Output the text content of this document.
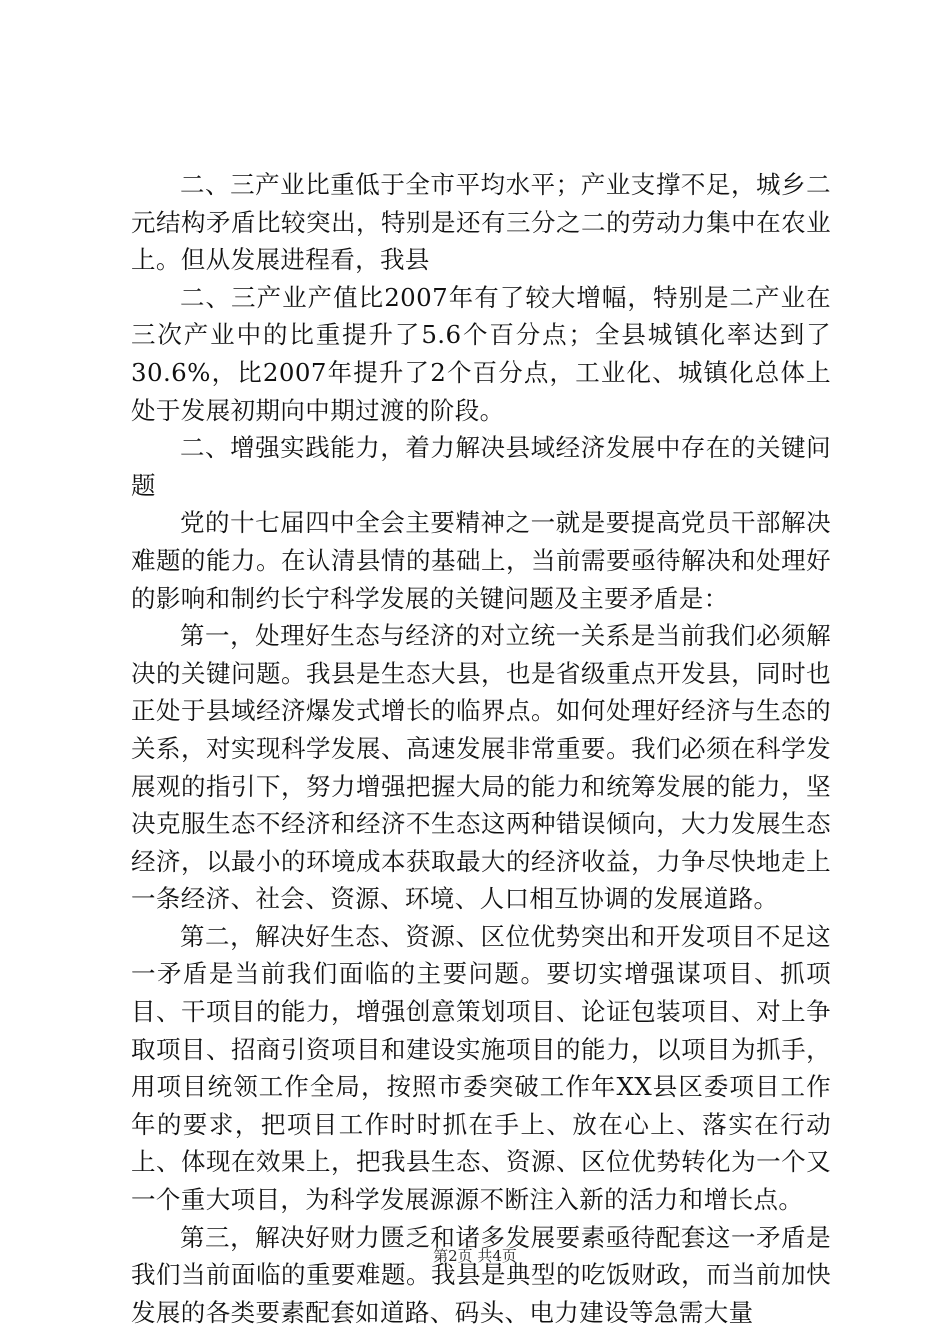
二、三产业比重低于全市平均水平；产业支撑不足，城乡二元结构矛盾比较突出，特别是还有三分之二的劳动力集中在农业上。但从发展进程看，我县

二、三产业产值比2007年有了较大增幅，特别是二产业在三次产业中的比重提升了5.6个百分点；全县城镇化率达到了30.6%，比2007年提升了2个百分点，工业化、城镇化总体上处于发展初期向中期过渡的阶段。

二、增强实践能力，着力解决县域经济发展中存在的关键问题

党的十七届四中全会主要精神之一就是要提高党员干部解决难题的能力。在认清县情的基础上，当前需要亟待解决和处理好的影响和制约长宁科学发展的关键问题及主要矛盾是：

第一，处理好生态与经济的对立统一关系是当前我们必须解决的关键问题。我县是生态大县，也是省级重点开发县，同时也正处于县域经济爆发式增长的临界点。如何处理好经济与生态的关系，对实现科学发展、高速发展非常重要。我们必须在科学发展观的指引下，努力增强把握大局的能力和统筹发展的能力，坚决克服生态不经济和经济不生态这两种错误倾向，大力发展生态经济，以最小的环境成本获取最大的经济收益，力争尽快地走上一条经济、社会、资源、环境、人口相互协调的发展道路。

第二，解决好生态、资源、区位优势突出和开发项目不足这一矛盾是当前我们面临的主要问题。要切实增强谋项目、抓项目、干项目的能力，增强创意策划项目、论证包装项目、对上争取项目、招商引资项目和建设实施项目的能力，以项目为抓手，用项目统领工作全局，按照市委突破工作年XX县区委项目工作年的要求，把项目工作时时抓在手上、放在心上、落实在行动上、体现在效果上，把我县生态、资源、区位优势转化为一个又一个重大项目，为科学发展源源不断注入新的活力和增长点。

第三，解决好财力匮乏和诸多发展要素亟待配套这一矛盾是我们当前面临的重要难题。我县是典型的吃饭财政，而当前加快发展的各类要素配套如道路、码头、电力建设等急需大量

第2页 共4页
